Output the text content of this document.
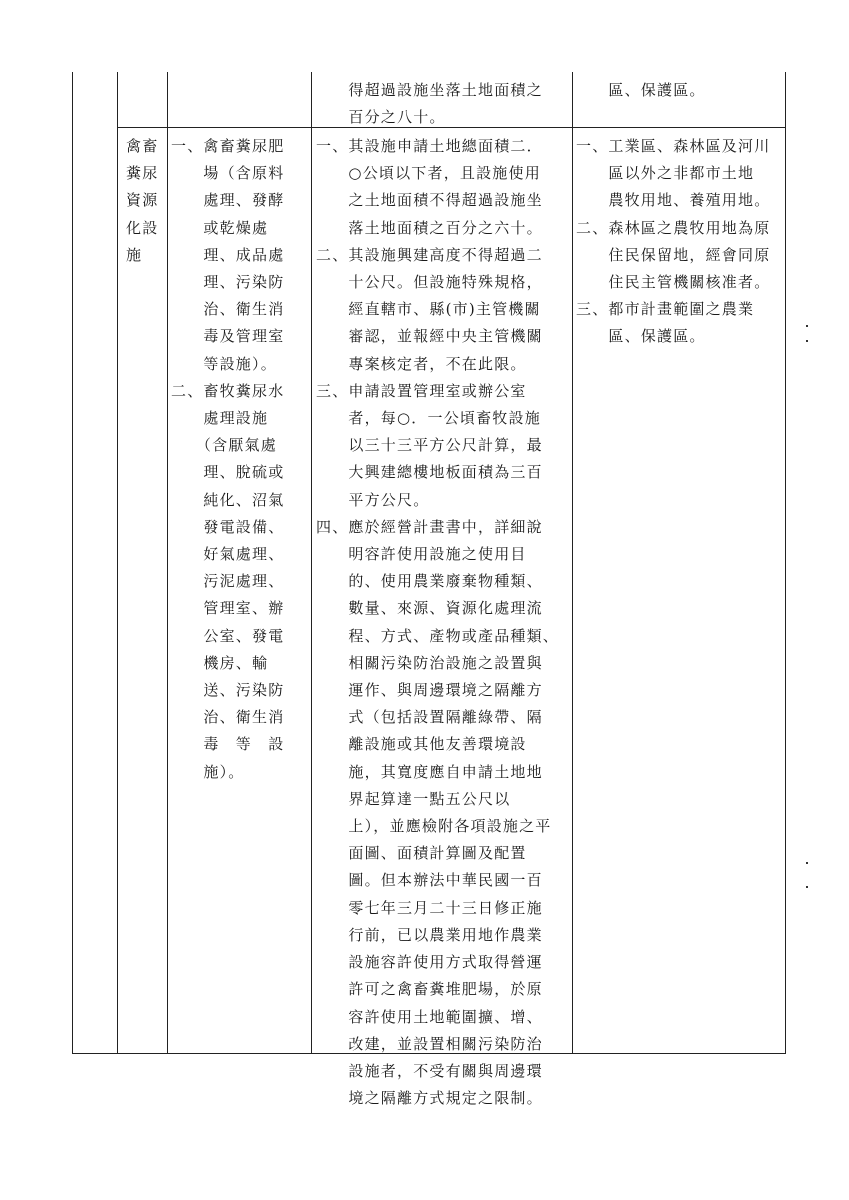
　　得超過設施坐落土地面積之
　　百分之八十。
　　區、保護區。
禽畜
糞尿
資源
化設
施
一、禽畜糞尿肥
　　場（含原料
　　處理、發酵
　　或乾燥處
　　理、成品處
　　理、污染防
　　治、衛生消
　　毒及管理室
　　等設施）。
二、畜牧糞尿水
　　處理設施
　　（含厭氣處
　　理、脫硫或
　　純化、沼氣
　　發電設備、
　　好氣處理、
　　污泥處理、
　　管理室、辦
　　公室、發電
　　機房、輸
　　送、污染防
　　治、衛生消
　　毒　等　設
　　施）。
一、其設施申請土地總面積二．
　　○公頃以下者，且設施使用
　　之土地面積不得超過設施坐
　　落土地面積之百分之六十。
二、其設施興建高度不得超過二
　　十公尺。但設施特殊規格，
　　經直轄市、縣(市)主管機關
　　審認，並報經中央主管機關
　　專案核定者，不在此限。
三、申請設置管理室或辦公室
　　者，每○．一公頃畜牧設施
　　以三十三平方公尺計算，最
　　大興建總樓地板面積為三百
　　平方公尺。
四、應於經營計畫書中，詳細說
　　明容許使用設施之使用目
　　的、使用農業廢棄物種類、
　　數量、來源、資源化處理流
　　程、方式、產物或產品種類、
　　相關污染防治設施之設置與
　　運作、與周邊環境之隔離方
　　式（包括設置隔離綠帶、隔
　　離設施或其他友善環境設
　　施，其寬度應自申請土地地
　　界起算達一點五公尺以
　　上），並應檢附各項設施之平
　　面圖、面積計算圖及配置
　　圖。但本辦法中華民國一百
　　零七年三月二十三日修正施
　　行前，已以農業用地作農業
　　設施容許使用方式取得營運
　　許可之禽畜糞堆肥場，於原
　　容許使用土地範圍擴、增、
　　改建，並設置相關污染防治
　　設施者，不受有關與周邊環
　　境之隔離方式規定之限制。
一、工業區、森林區及河川
　　區以外之非都市土地
　　農牧用地、養殖用地。
二、森林區之農牧用地為原
　　住民保留地，經會同原
　　住民主管機關核准者。
三、都市計畫範圍之農業
　　區、保護區。
